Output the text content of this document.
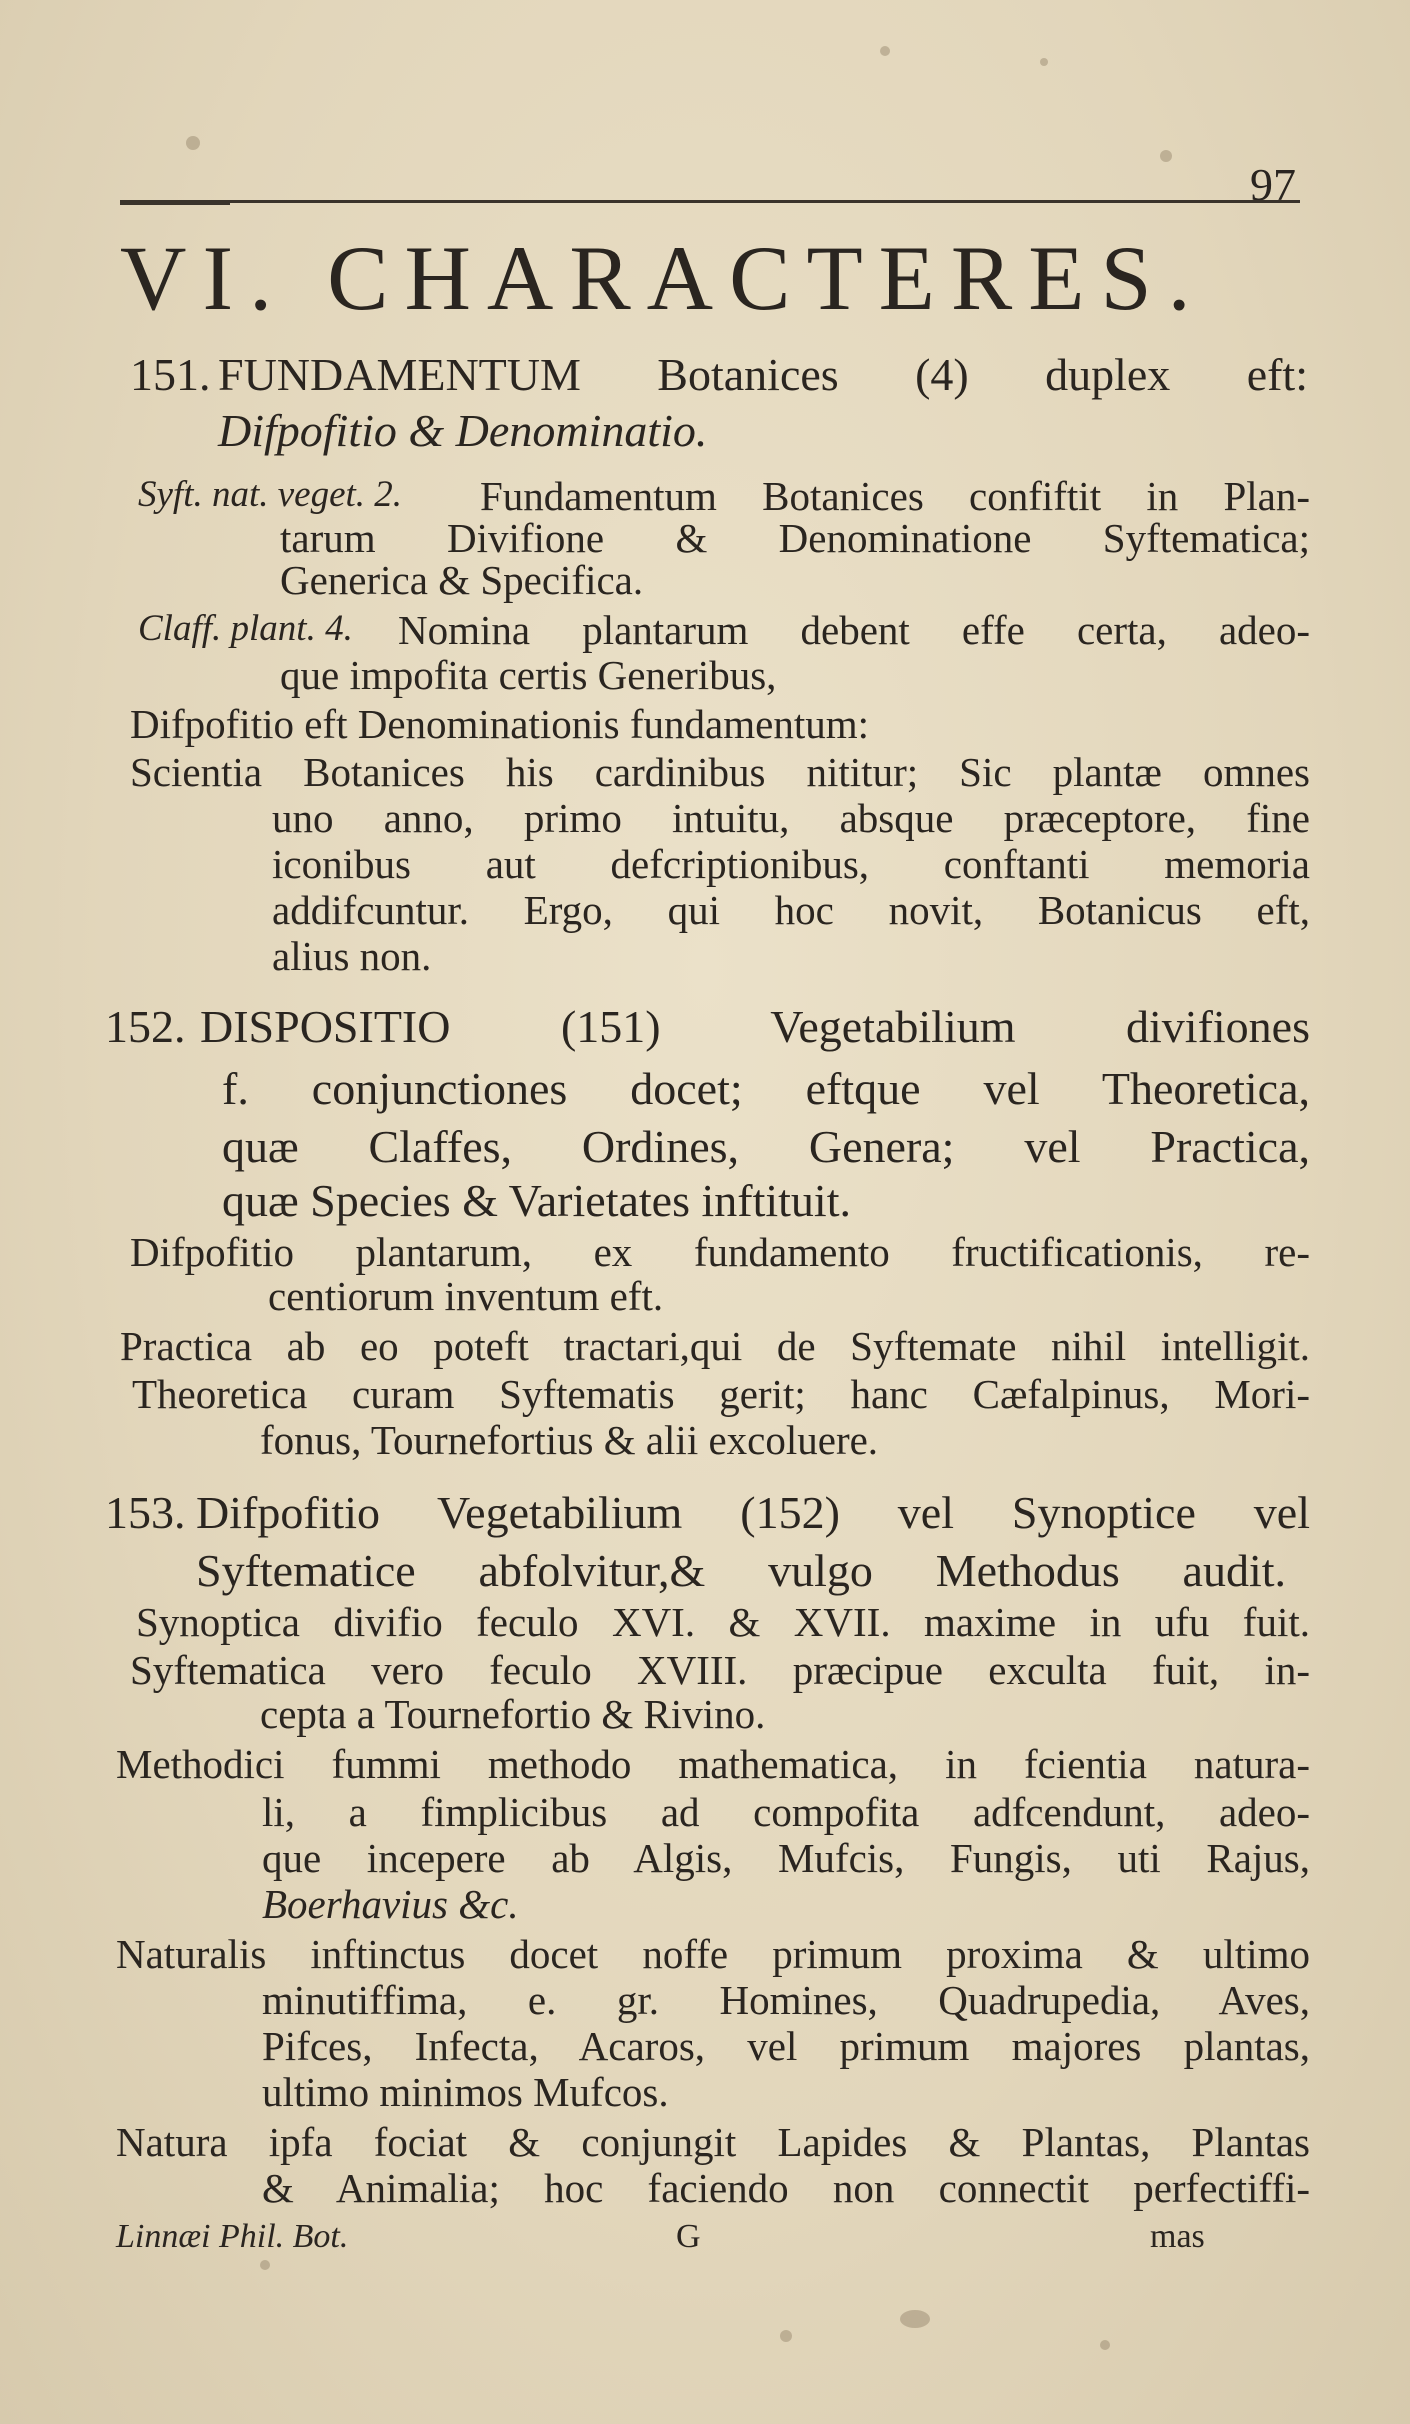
97
VI. CHARACTERES.
151. FUNDAMENTUM Botanices (4) duplex eft:
Difpofitio & Denominatio.
Syft. nat. veget. 2. Fundamentum Botanices confiftit in Plan-
tarum Divifione & Denominatione Syftematica;
Generica & Specifica.
Claff. plant. 4. Nomina plantarum debent effe certa, adeo-
que impofita certis Generibus,
Difpofitio eft Denominationis fundamentum:
Scientia Botanices his cardinibus nititur; Sic plantæ omnes
uno anno, primo intuitu, absque præceptore, fine
iconibus aut defcriptionibus, conftanti memoria
addifcuntur. Ergo, qui hoc novit, Botanicus eft,
alius non.
152. DISPOSITIO (151) Vegetabilium divifiones
f. conjunctiones docet; eftque vel Theoretica,
quæ Claffes, Ordines, Genera; vel Practica,
quæ Species & Varietates inftituit.
Difpofitio plantarum, ex fundamento fructificationis, re-
centiorum inventum eft.
Practica ab eo poteft tractari,qui de Syftemate nihil intelligit.
Theoretica curam Syftematis gerit; hanc Cæfalpinus, Mori-
fonus, Tournefortius & alii excoluere.
153. Difpofitio Vegetabilium (152) vel Synoptice vel
Syftematice abfolvitur,& vulgo Methodus audit.
Synoptica divifio feculo XVI. & XVII. maxime in ufu fuit.
Syftematica vero feculo XVIII. præcipue exculta fuit, in-
cepta a Tournefortio & Rivino.
Methodici fummi methodo mathematica, in fcientia natura-
li, a fimplicibus ad compofita adfcendunt, adeo-
que incepere ab Algis, Mufcis, Fungis, uti Rajus,
Boerhavius &c.
Naturalis inftinctus docet noffe primum proxima & ultimo
minutiffima, e. gr. Homines, Quadrupedia, Aves,
Pifces, Infecta, Acaros, vel primum majores plantas,
ultimo minimos Mufcos.
Natura ipfa fociat & conjungit Lapides & Plantas, Plantas
& Animalia; hoc faciendo non connectit perfectiffi-
Linnæi Phil. Bot.	G	mas
